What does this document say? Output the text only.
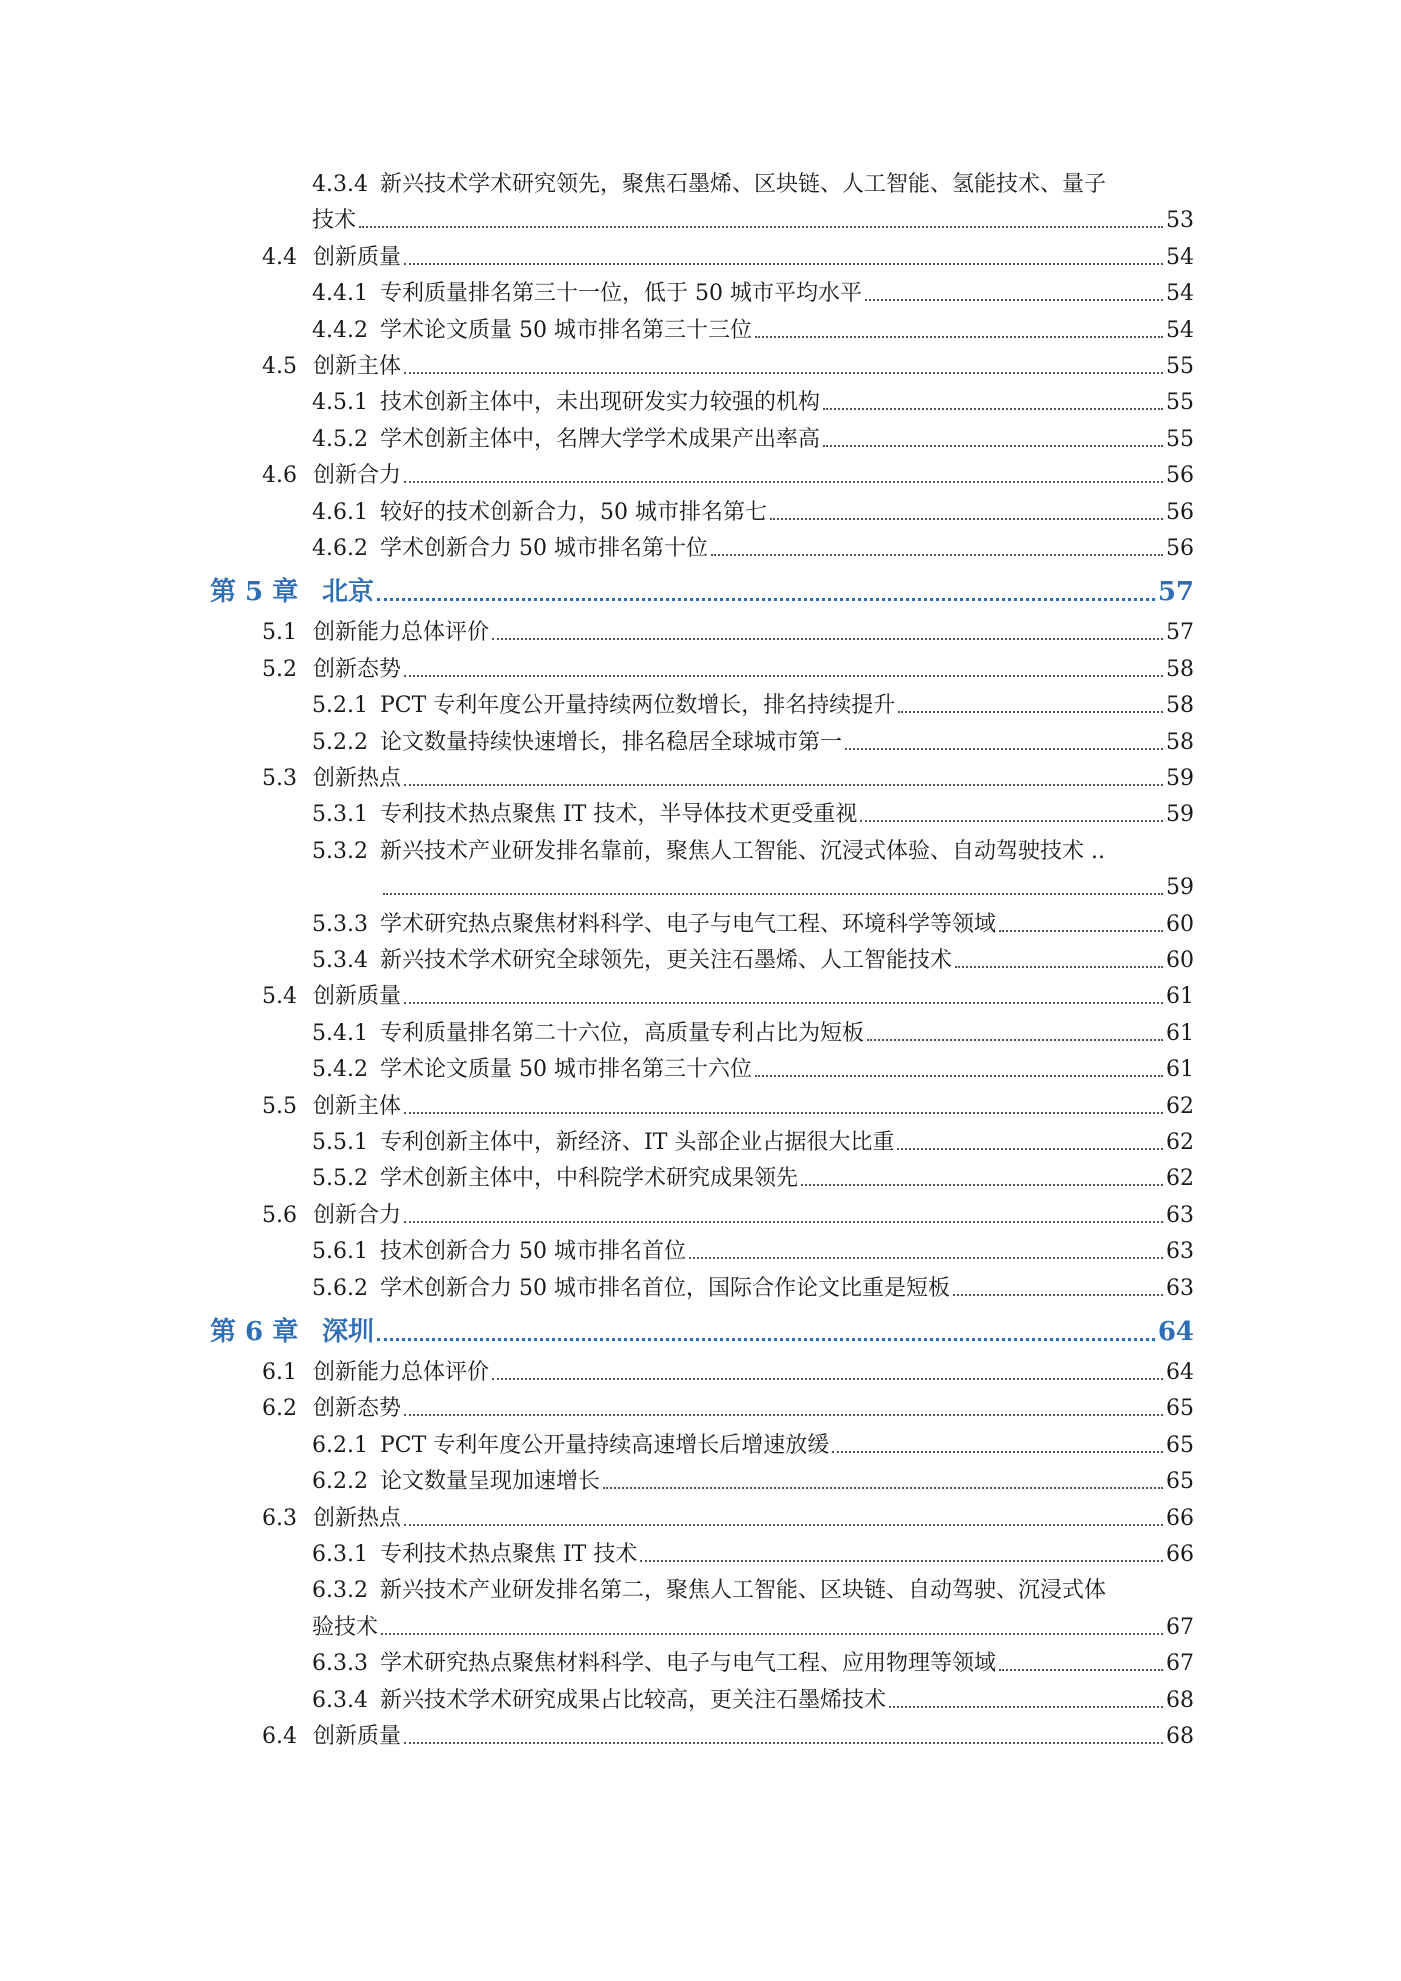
4.3.4 新兴技术学术研究领先，聚焦石墨烯、区块链、人工智能、氢能技术、量子
技术	53
4.4 创新质量	54
4.4.1 专利质量排名第三十一位，低于 50 城市平均水平	54
4.4.2 学术论文质量 50 城市排名第三十三位	54
4.5 创新主体	55
4.5.1 技术创新主体中，未出现研发实力较强的机构	55
4.5.2 学术创新主体中，名牌大学学术成果产出率高	55
4.6 创新合力	56
4.6.1 较好的技术创新合力，50 城市排名第七	56
4.6.2 学术创新合力 50 城市排名第十位	56
第 5 章 北京	57
5.1 创新能力总体评价	57
5.2 创新态势	58
5.2.1 PCT 专利年度公开量持续两位数增长，排名持续提升	58
5.2.2 论文数量持续快速增长，排名稳居全球城市第一	58
5.3 创新热点	59
5.3.1 专利技术热点聚焦 IT 技术，半导体技术更受重视	59
5.3.2 新兴技术产业研发排名靠前，聚焦人工智能、沉浸式体验、自动驾驶技术 ..
59
5.3.3 学术研究热点聚焦材料科学、电子与电气工程、环境科学等领域	60
5.3.4 新兴技术学术研究全球领先，更关注石墨烯、人工智能技术	60
5.4 创新质量	61
5.4.1 专利质量排名第二十六位，高质量专利占比为短板	61
5.4.2 学术论文质量 50 城市排名第三十六位	61
5.5 创新主体	62
5.5.1 专利创新主体中，新经济、IT 头部企业占据很大比重	62
5.5.2 学术创新主体中，中科院学术研究成果领先	62
5.6 创新合力	63
5.6.1 技术创新合力 50 城市排名首位	63
5.6.2 学术创新合力 50 城市排名首位，国际合作论文比重是短板	63
第 6 章 深圳	64
6.1 创新能力总体评价	64
6.2 创新态势	65
6.2.1 PCT 专利年度公开量持续高速增长后增速放缓	65
6.2.2 论文数量呈现加速增长	65
6.3 创新热点	66
6.3.1 专利技术热点聚焦 IT 技术	66
6.3.2 新兴技术产业研发排名第二，聚焦人工智能、区块链、自动驾驶、沉浸式体
验技术	67
6.3.3 学术研究热点聚焦材料科学、电子与电气工程、应用物理等领域	67
6.3.4 新兴技术学术研究成果占比较高，更关注石墨烯技术	68
6.4 创新质量	68
